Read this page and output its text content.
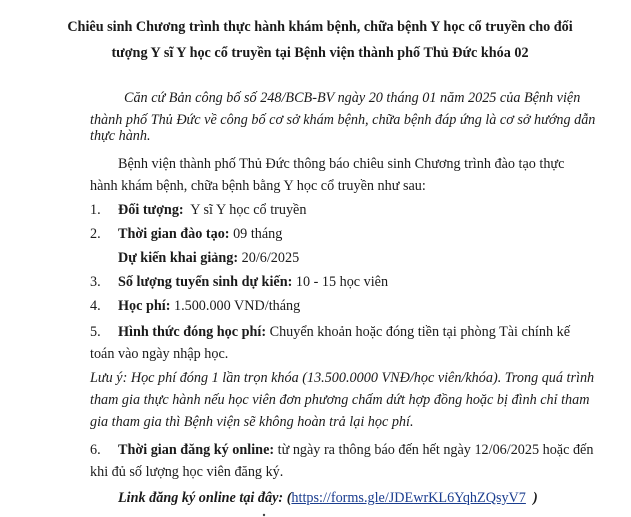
Chiêu sinh Chương trình thực hành khám bệnh, chữa bệnh Y học cổ truyền cho đối
tượng Y sĩ Y học cổ truyền tại Bệnh viện thành phố Thủ Đức khóa 02
Căn cứ Bản công bố số 248/BCB-BV ngày 20 tháng 01 năm 2025 của Bệnh viện
thành phố Thủ Đức về công bố cơ sở khám bệnh, chữa bệnh đáp ứng là cơ sở hướng dẫn
thực hành.
Bệnh viện thành phố Thủ Đức thông báo chiêu sinh Chương trình đào tạo thực
hành khám bệnh, chữa bệnh bằng Y học cổ truyền như sau:
1. Đối tượng:  Y sĩ Y học cổ truyền
2. Thời gian đào tạo: 09 tháng
Dự kiến khai giảng: 20/6/2025
3. Số lượng tuyển sinh dự kiến: 10 - 15 học viên
4. Học phí: 1.500.000 VND/tháng
5. Hình thức đóng học phí: Chuyển khoản hoặc đóng tiền tại phòng Tài chính kế
toán vào ngày nhập học.
Lưu ý: Học phí đóng 1 lần trọn khóa (13.500.0000 VNĐ/học viên/khóa). Trong quá trình
tham gia thực hành nếu học viên đơn phương chấm dứt hợp đồng hoặc bị đình chỉ tham
gia tham gia thì Bệnh viện sẽ không hoàn trả lại học phí.
6. Thời gian đăng ký online: từ ngày ra thông báo đến hết ngày 12/06/2025 hoặc đến
khi đủ số lượng học viên đăng ký.
Link đăng ký online tại đây: (https://forms.gle/JDEwrKL6YqhZQsyV7  )
